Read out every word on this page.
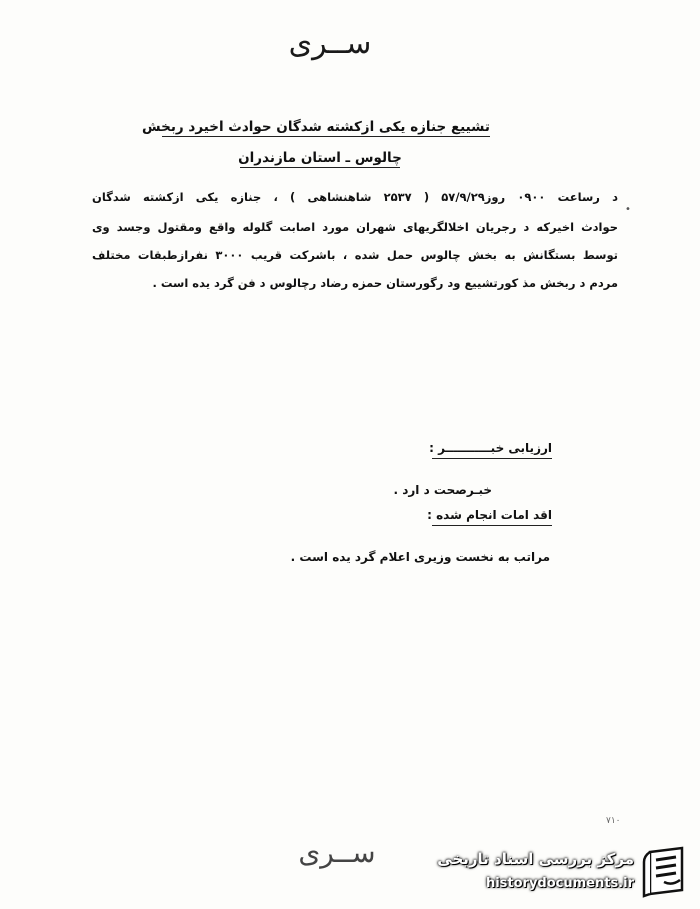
ســری
تشییع جنازه یکی ازکشته شدگان حوادث اخیرد ربخش
چالوس ـ استان مازندران
د رساعت ۰۹۰۰ روز۵۷/۹/۲۹ ( ۲۵۳۷ شاهنشاهی ) ، جنازه یکی ازکشته شدگان
حوادث اخیرکه د رجریان اخلالگریهای شهران مورد اصابت گلوله واقع ومقتول وجسد وی
توسط بستگانش به بخش چالوس حمل شده ، باشرکت قریب ۳۰۰۰ نفرازطبقات مختلف
مردم د ربخش مذ کورتشییع ود رگورستان حمزه رضاد رچالوس د فن گرد یده است .
•
ارزیابی خبـــــــــــر :
خبـرصحت د ارد .
اقد امات انجام شده :
مراتب به نخست وزیری اعلام گرد یده است .
٧١٠
ســری	مرکز بررسی اسناد تاریخی
historydocuments.ir
